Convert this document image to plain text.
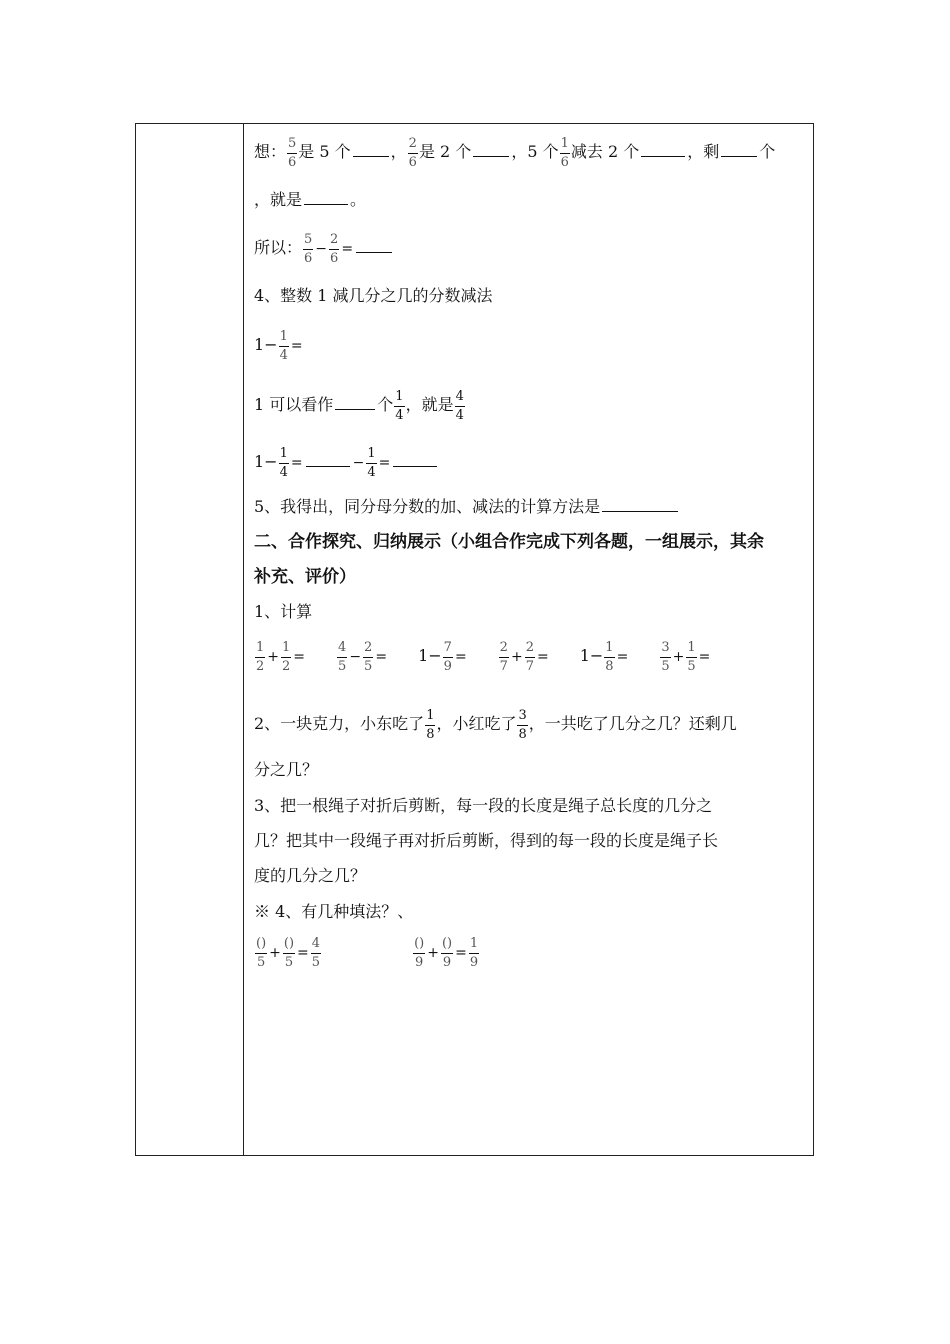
想： $\frac{5}{6}$ 是 5 个	， $\frac{2}{6}$ 是 2 个	，5 个 $\frac{1}{6}$ 减去 2 个	，剩	个
，就是	。
所以： $\frac{5}{6} - \frac{2}{6}$ =
4、整数 1 减几分之几的分数减法
$1- \frac{1}{4}$ =
1 可以看作	个 $\frac{1}{4}$ ，就是 $\frac{4}{4}$
$1- \frac{1}{4}$ =	− $\frac{1}{4}$ =
5、我得出，同分母分数的加、减法的计算方法是
二、合作探究、归纳展示（小组合作完成下列各题，一组展示，其余
补充、评价）
1、计算
$\frac{1}{2} + \frac{1}{2} = \frac{4}{5} - \frac{2}{5} = 1- \frac{7}{9} = \frac{2}{7} + \frac{2}{7} = 1- \frac{1}{8} = \frac{3}{5} + \frac{1}{5}$ =
2、一块克力，小东吃了 $\frac{1}{8}$ ，小红吃了 $\frac{3}{8}$ ，一共吃了几分之几？还剩几
分之几？
3、把一根绳子对折后剪断，每一段的长度是绳子总长度的几分之
几？把其中一段绳子再对折后剪断，得到的每一段的长度是绳子长
度的几分之几？
※ 4、有几种填法？、
$\frac{()}{5} + \frac{()}{5} = \frac{4}{5}$	$\frac{()}{9} + \frac{()}{9} = \frac{1}{9}$
